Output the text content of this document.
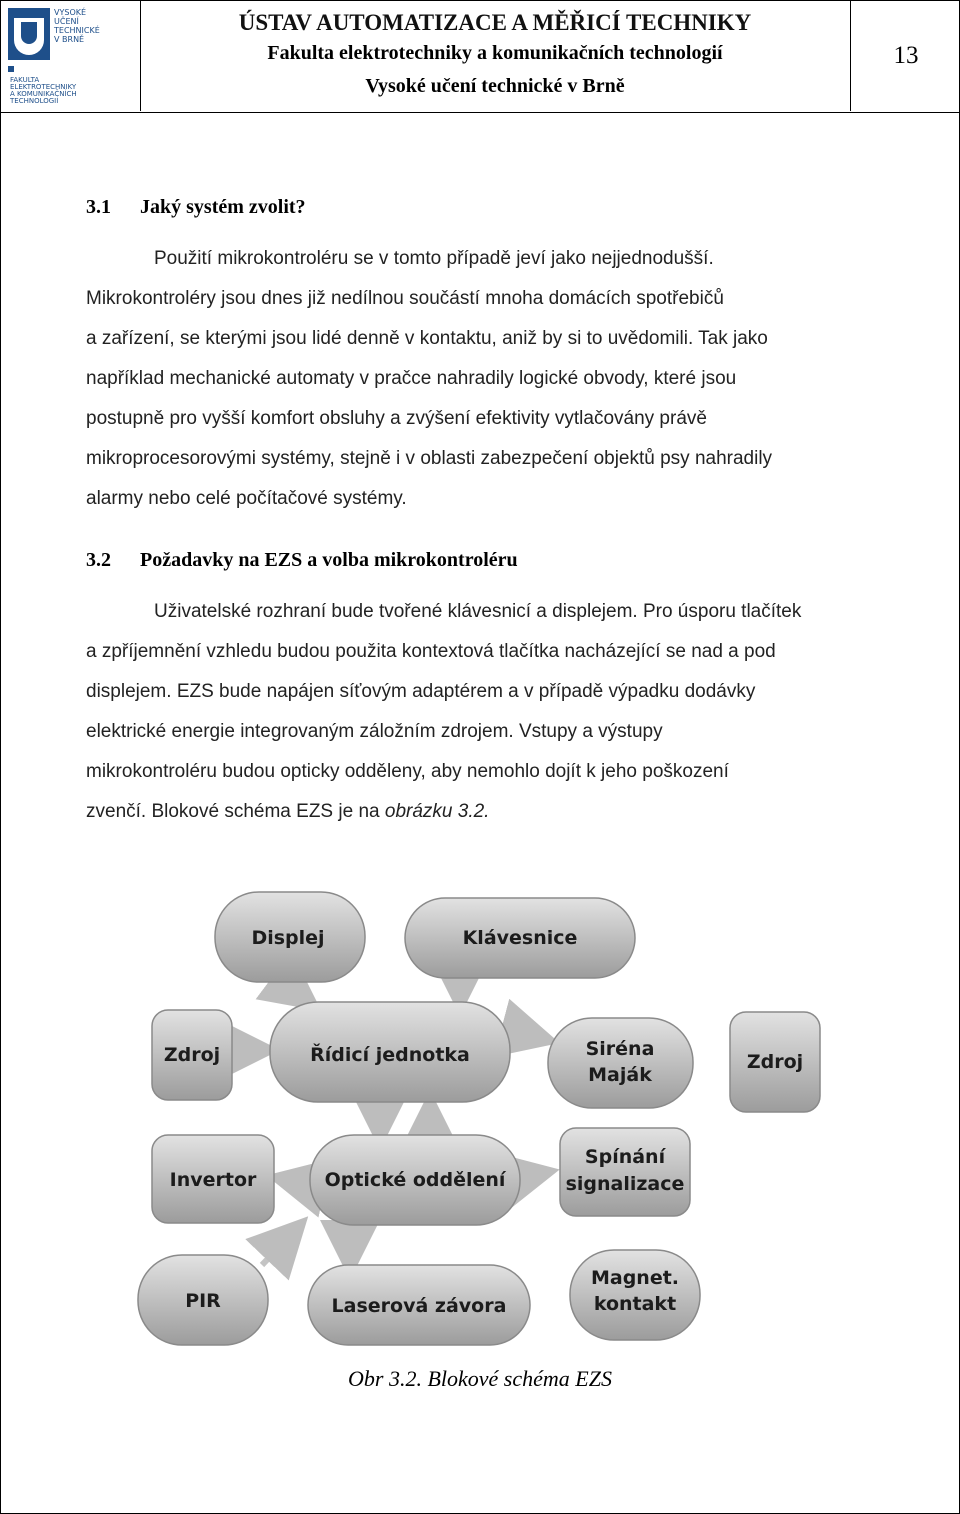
VYSOKÉ
UČENÍ
TECHNICKÉ
V BRNĚ
FAKULTA
ELEKTROTECHNIKY
A KOMUNIKAČNÍCH
TECHNOLOGIÍ
ÚSTAV AUTOMATIZACE A MĚŘICÍ TECHNIKY
Fakulta elektrotechniky a komunikačních technologií
Vysoké učení technické v Brně
13
3.1 Jaký systém zvolit?
Použití mikrokontroléru se v tomto případě jeví jako nejjednodušší.
Mikrokontroléry jsou dnes již nedílnou součástí mnoha domácích spotřebičů
a zařízení, se kterými jsou lidé denně v kontaktu, aniž by si to uvědomili. Tak jako
například mechanické automaty v pračce nahradily logické obvody, které jsou
postupně pro vyšší komfort obsluhy a zvýšení efektivity vytlačovány právě
mikroprocesorovými systémy, stejně i v oblasti zabezpečení objektů psy nahradily
alarmy nebo celé počítačové systémy.
3.2 Požadavky na EZS a volba mikrokontroléru
Uživatelské rozhraní bude tvořené klávesnicí a displejem. Pro úsporu tlačítek
a zpříjemnění vzhledu budou použita kontextová tlačítka nacházející se nad a pod
displejem. EZS bude napájen síťovým adaptérem a v případě výpadku dodávky
elektrické energie integrovaným záložním zdrojem. Vstupy a výstupy
mikrokontroléru budou opticky odděleny, aby nemohlo dojít k jeho poškození
zvenčí. Blokové schéma EZS je na obrázku 3.2.
Displej	Klávesnice
Zdroj	Řídicí jednotka	Siréna
Maják
Zdroj
Invertor	Optické oddělení
Spínání
signalizace
PIR	Laserová závora
Magnet.
kontakt
Obr 3.2. Blokové schéma EZS
